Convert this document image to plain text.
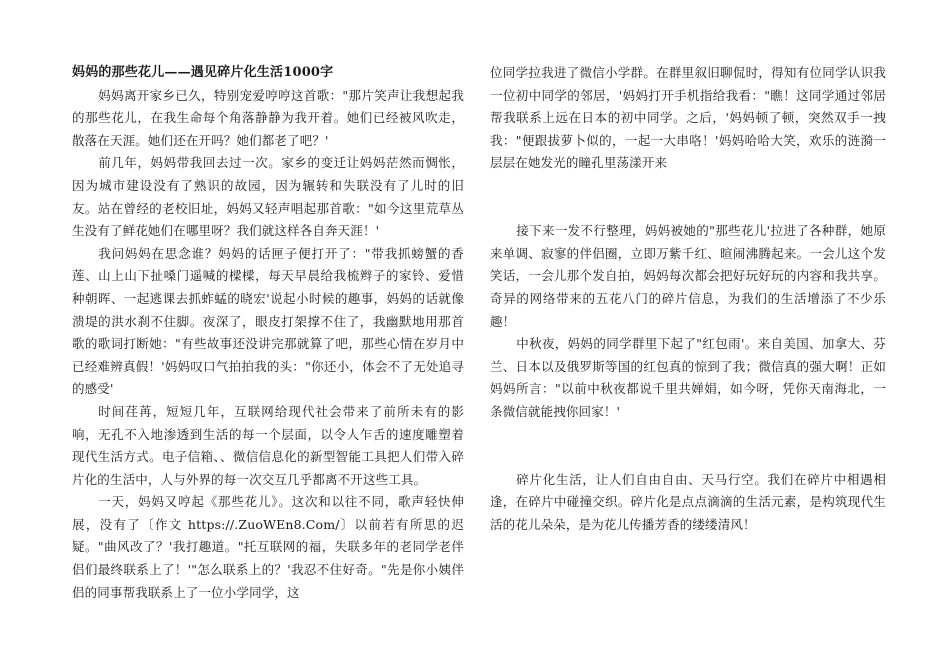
妈妈的那些花儿——遇见碎片化生活1000字

妈妈离开家乡已久，特别宠爱哼哼这首歌："那片笑声让我想起我的那些花儿，在我生命每个角落静静为我开着。她们已经被风吹走，散落在天涯。她们还在开吗？她们都老了吧？'

前几年，妈妈带我回去过一次。家乡的变迁让妈妈茫然而惆怅，因为城市建设没有了熟识的故园，因为辗转和失联没有了儿时的旧友。站在曾经的老校旧址，妈妈又轻声唱起那首歌："如今这里荒草丛生没有了鲜花她们在哪里呀？我们就这样各自奔天涯！'

我问妈妈在思念谁？妈妈的话匣子便打开了："带我抓螃蟹的香莲、山上山下扯嗓门遥喊的樑樑，每天早晨给我梳辫子的家铃、爱惜种朝晖、一起逃课去抓蚱蜢的晓宏'说起小时候的趣事，妈妈的话就像溃堤的洪水刹不住脚。夜深了，眼皮打架撑不住了，我幽默地用那首歌的歌词打断她："有些故事还没讲完那就算了吧，那些心情在岁月中已经难辨真假！'妈妈叹口气拍拍我的头："你还小，体会不了无处追寻的感受'

时间荏苒，短短几年，互联网给现代社会带来了前所未有的影响，无孔不入地渗透到生活的每一个层面，以令人乍舌的速度雕塑着现代生活方式。电子信箱、、微信信息化的新型智能工具把人们带入碎片化的生活中，人与外界的每一次交互几乎都离不开这些工具。

一天，妈妈又哼起《那些花儿》。这次和以往不同，歌声轻快伸展，没有了〔作文 https://.ZuoWEn8.Com/〕以前若有所思的迟疑。"曲风改了？'我打趣道。"托互联网的福，失联多年的老同学老伴侣们最终联系上了！'"怎么联系上的？'我忍不住好奇。"先是你小姨伴侣的同事帮我联系上了一位小学同学，这

位同学拉我进了微信小学群。在群里叙旧聊侃时，得知有位同学认识我一位初中同学的邻居，'妈妈打开手机指给我看："瞧！这同学通过邻居帮我联系上远在日本的初中同学。之后，'妈妈顿了顿，突然双手一拽我："便跟拔萝卜似的，一起一大串咯！'妈妈哈哈大笑，欢乐的涟漪一层层在她发光的瞳孔里荡漾开来

接下来一发不行整理，妈妈被她的"那些花儿'拉进了各种群，她原来单调、寂寥的伴侣圈，立即万紫千红、暄闹沸腾起来。一会儿这个发笑话，一会儿那个发自拍，妈妈每次都会把好玩好玩的内容和我共享。奇异的网络带来的五花八门的碎片信息，为我们的生活增添了不少乐趣！

中秋夜，妈妈的同学群里下起了"红包雨'。来自美国、加拿大、芬兰、日本以及俄罗斯等国的红包真的惊到了我；微信真的强大啊！正如妈妈所言："以前中秋夜都说千里共婵娟，如今呀，凭你天南海北，一条微信就能拽你回家！'

碎片化生活，让人们自由自由、天马行空。我们在碎片中相遇相逢，在碎片中碰撞交织。碎片化是点点滴滴的生活元素，是构筑现代生活的花儿朵朵，是为花儿传播芳香的缕缕清风！
